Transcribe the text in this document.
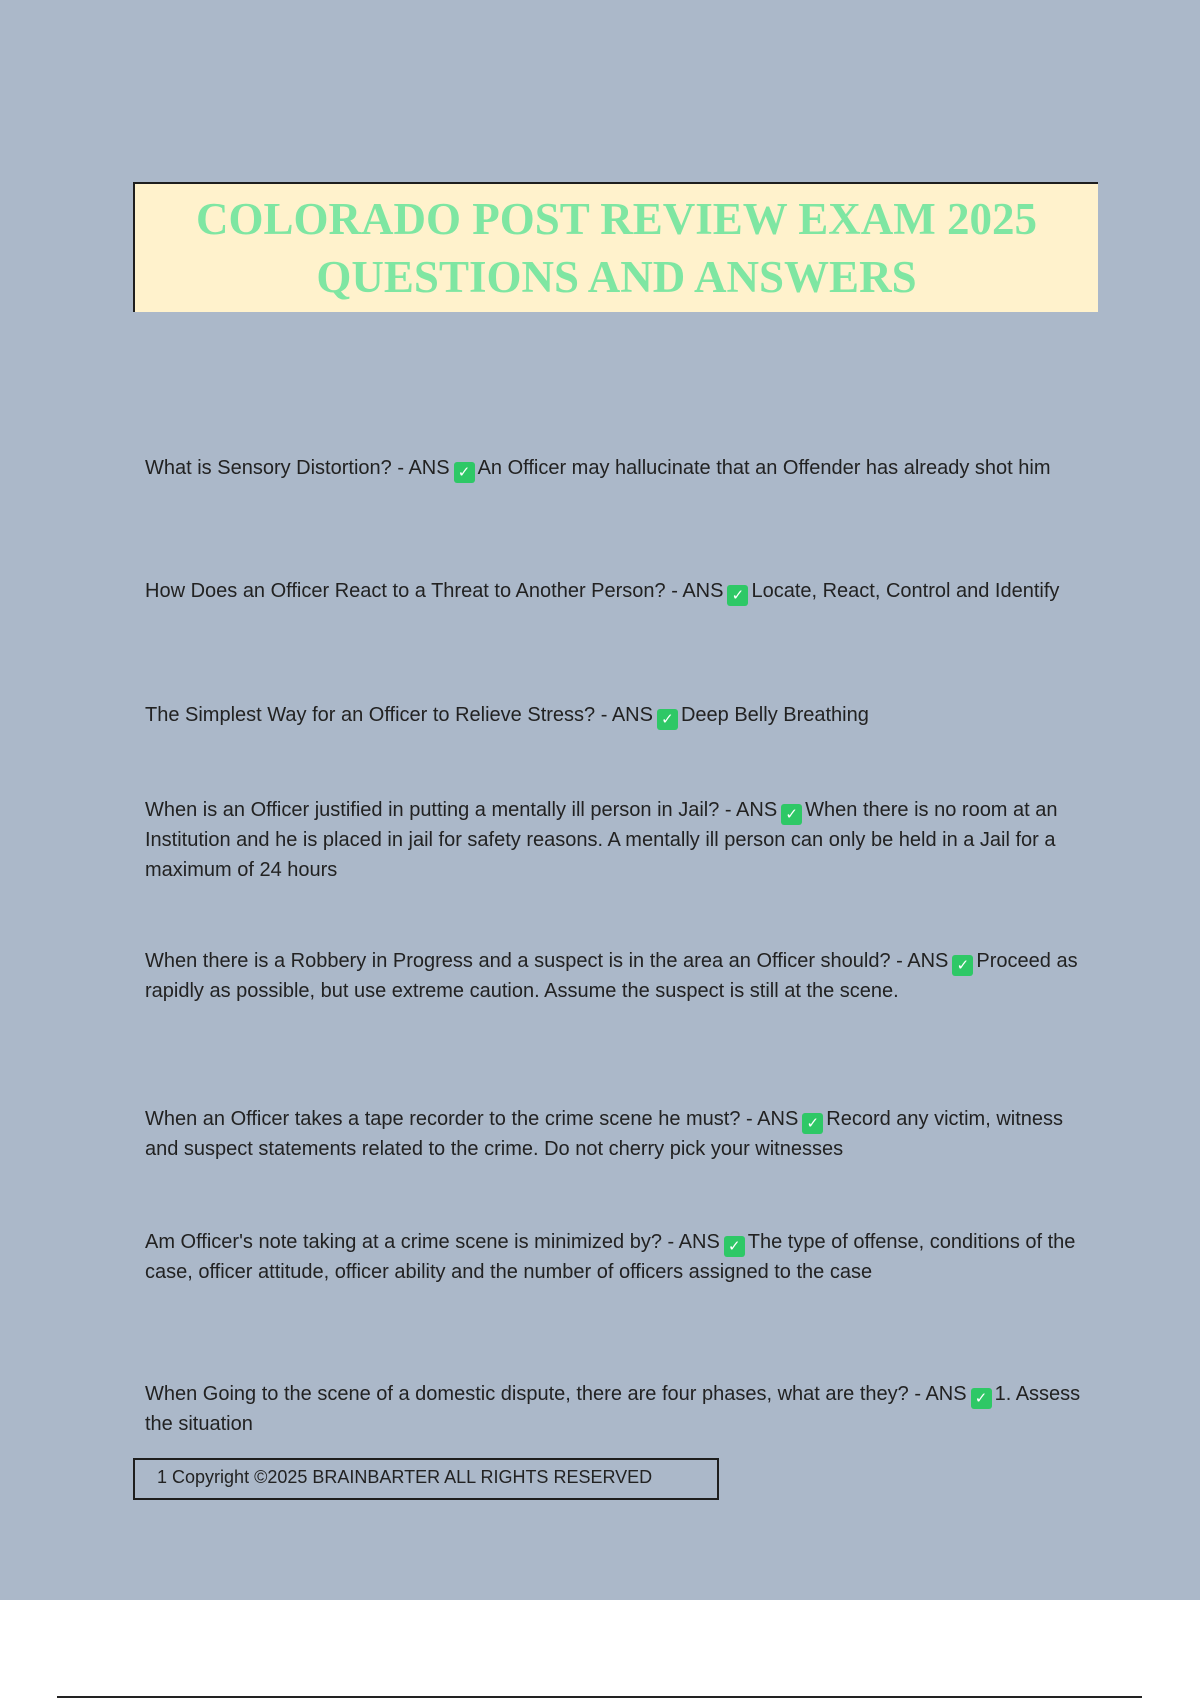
COLORADO POST REVIEW EXAM 2025
QUESTIONS AND ANSWERS
What is Sensory Distortion? - ANS ✓ An Officer may hallucinate that an Offender has already shot him
How Does an Officer React to a Threat to Another Person? - ANS ✓ Locate, React, Control and Identify
The Simplest Way for an Officer to Relieve Stress? - ANS ✓ Deep Belly Breathing
When is an Officer justified in putting a mentally ill person in Jail? - ANS ✓ When there is no room at an Institution and he is placed in jail for safety reasons. A mentally ill person can only be held in a Jail for a maximum of 24 hours
When there is a Robbery in Progress and a suspect is in the area an Officer should? - ANS ✓ Proceed as rapidly as possible, but use extreme caution. Assume the suspect is still at the scene.
When an Officer takes a tape recorder to the crime scene he must? - ANS ✓ Record any victim, witness and suspect statements related to the crime. Do not cherry pick your witnesses
Am Officer's note taking at a crime scene is minimized by? - ANS ✓ The type of offense, conditions of the case, officer attitude, officer ability and the number of officers assigned to the case
When Going to the scene of a domestic dispute, there are four phases, what are they? - ANS ✓ 1. Assess the situation
1 Copyright ©2025 BRAINBARTER ALL RIGHTS RESERVED
